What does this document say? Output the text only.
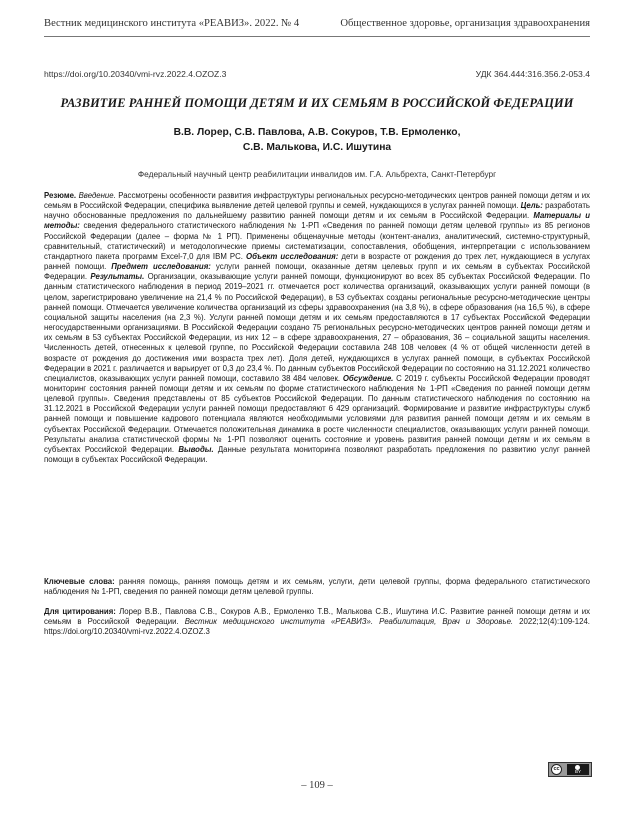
Вестник медицинского института «РЕАВИЗ». 2022. № 4	Общественное здоровье, организация здравоохранения
https://doi.org/10.20340/vmi-rvz.2022.4.OZOZ.3	УДК 364.444:316.356.2-053.4
РАЗВИТИЕ РАННЕЙ ПОМОЩИ ДЕТЯМ И ИХ СЕМЬЯМ В РОССИЙСКОЙ ФЕДЕРАЦИИ
В.В. Лорер, С.В. Павлова, А.В. Сокуров, Т.В. Ермоленко,
С.В. Малькова, И.С. Ишутина
Федеральный научный центр реабилитации инвалидов им. Г.А. Альбрехта, Санкт-Петербург
Резюме. Введение. Рассмотрены особенности развития инфраструктуры региональных ресурсно-методических центров ранней помощи детям и их семьям в Российской Федерации, специфика выявление детей целевой группы и семей, нуждающихся в услугах ранней помощи. Цель: разработать научно обоснованные предложения по дальнейшему развитию ранней помощи детям и их семьям в Российской Федерации. Материалы и методы: сведения федерального статистического наблюдения № 1-РП «Сведения по ранней помощи детям целевой группы» из 85 регионов Российской Федерации (далее – форма № 1 РП). Применены общенаучные методы (контент-анализ, аналитический, системно-структурный, сравнительный, статистический) и методологические приемы систематизации, сопоставления, обобщения, интерпретации с использованием стандартного пакета программ Excel-7,0 для IBM PC. Объект исследования: дети в возрасте от рождения до трех лет, нуждающиеся в услугах ранней помощи. Предмет исследования: услуги ранней помощи, оказанные детям целевых групп и их семьям в субъектах Российской Федерации. Результаты. Организации, оказывающие услуги ранней помощи, функционируют во всех 85 субъектах Российской Федерации. По данным статистического наблюдения в период 2019–2021 гг. отмечается рост количества организаций, оказывающих услуги ранней помощи (в целом, зарегистрировано увеличение на 21,4 % по Российской Федерации), в 53 субъектах созданы региональные ресурсно-методические центры ранней помощи. Отмечается увеличение количества организаций из сферы здравоохранения (на 3,8 %), в сфере образования (на 16,5 %), в сфере социальной защиты населения (на 2,3 %). Услуги ранней помощи детям и их семьям предоставляются в 17 субъектах Российской Федерации негосударственными организациями. В Российской Федерации создано 75 региональных ресурсно-методических центров ранней помощи детям и их семьям в 53 субъектах Российской Федерации, из них 12 – в сфере здравоохранения, 27 – образования, 36 – социальной защиты населения. Численность детей, отнесенных к целевой группе, по Российской Федерации составила 248 108 человек (4 % от общей численности детей в возрасте от рождения до достижения ими возраста трех лет). Доля детей, нуждающихся в услугах ранней помощи, в субъектах Российской Федерации в 2021 г. различается и варьирует от 0,3 до 23,4 %. По данным субъектов Российской Федерации по состоянию на 31.12.2021 количество специалистов, оказывающих услуги ранней помощи, составило 38 484 человек. Обсуждение. С 2019 г. субъекты Российской Федерации проводят мониторинг состояния ранней помощи детям и их семьям по форме статистического наблюдения № 1-РП «Сведения по ранней помощи детям целевой группы». Сведения представлены от 85 субъектов Российской Федерации. По данным статистического наблюдения по состоянию на 31.12.2021 в Российской Федерации услуги ранней помощи предоставляют 6 429 организаций. Формирование и развитие инфраструктуры служб ранней помощи и повышение кадрового потенциала являются необходимыми условиями для развития ранней помощи детям и их семьям в субъектах Российской Федерации. Отмечается положительная динамика в росте численности специалистов, оказывающих услуги ранней помощи. Результаты анализа статистической формы № 1-РП позволяют оценить состояние и уровень развития ранней помощи детям и их семьям в субъектах Российской Федерации. Выводы. Данные результата мониторинга позволяют разработать предложения по развитию услуг ранней помощи в субъектах Российской Федерации.
Ключевые слова: ранняя помощь, ранняя помощь детям и их семьям, услуги, дети целевой группы, форма федерального статистического наблюдения № 1-РП, сведения по ранней помощи детям целевой группы.
Для цитирования: Лорер В.В., Павлова С.В., Сокуров А.В., Ермоленко Т.В., Малькова С.В., Ишутина И.С. Развитие ранней помощи детям и их семьям в Российской Федерации. Вестник медицинского института «РЕАВИЗ». Реабилитация, Врач и Здоровье. 2022;12(4):109-124. https://doi.org/10.20340/vmi-rvz.2022.4.OZOZ.3
cc	BY
– 109 –
